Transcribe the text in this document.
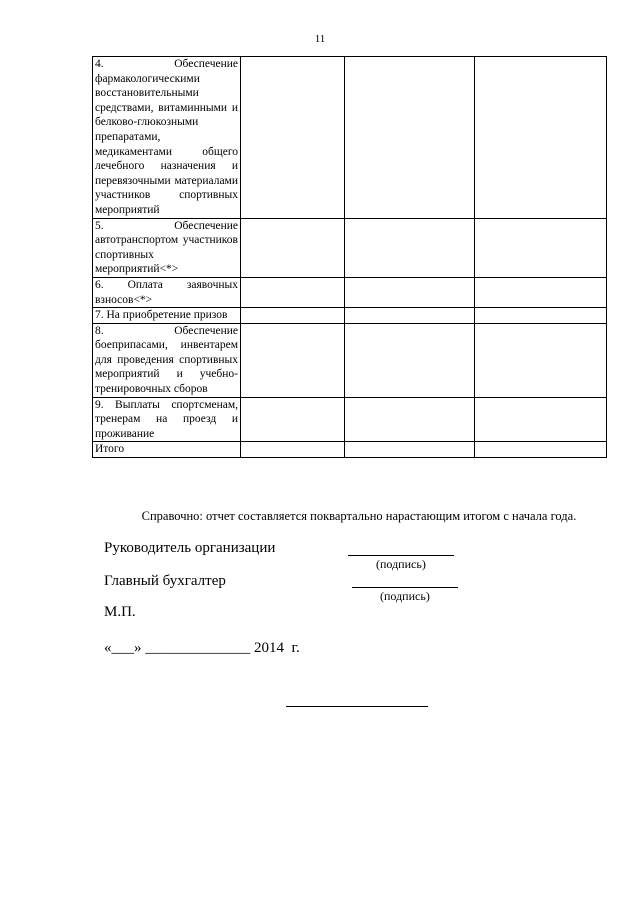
11
4. Обеспечение фармакологическими восстановительными средствами, витаминными и белково-глюкозными препаратами, медикаментами общего лечебного назначения и перевязочными материалами участников спортивных мероприятий			
5. Обеспечение автотранспортом участников спортивных мероприятий<*>			
6. Оплата заявочных взносов<*>			
7. На приобретение призов			
8. Обеспечение боеприпасами, инвентарем для проведения спортивных мероприятий и учебно-тренировочных сборов			
9. Выплаты спортсменам, тренерам на проезд и проживание			
Итого			
Справочно: отчет составляется поквартально нарастающим итогом с начала года.
Руководитель организации
(подпись)
Главный бухгалтер
(подпись)
М.П.
«___» ______________ 2014  г.
